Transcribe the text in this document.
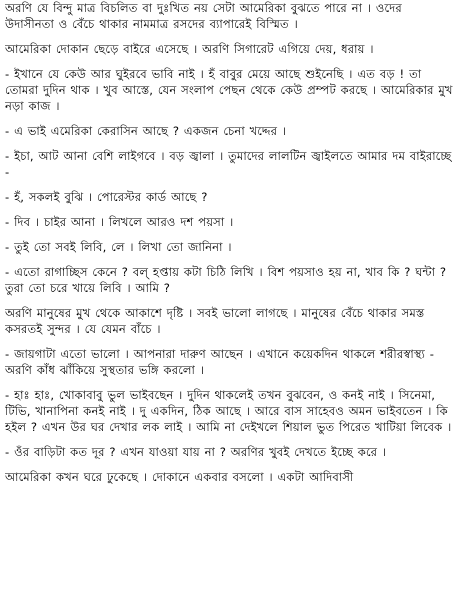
অরণি যে বিন্দু মাত্র বিচলিত বা দুঃখিত নয় সেটা আমেরিকা বুঝতে পারে না । ওদের উদাসীনতা ও বেঁচে থাকার নামমাত্র রসদের ব্যাপারেই বিস্মিত ।

আমেরিকা দোকান ছেড়ে বাইরে এসেছে । অরণি সিগারেট এগিয়ে দেয়, ধরায় ।

- ইখানে যে কেউ আর ঘুইরবে ভাবি নাই । হঁ বাবুর মেয়ে আছে শুইনেছি । এত বড় ! তা তোমরা দুদিন থাক । খুব আস্তে, যেন সংলাপ পেছন থেকে কেউ প্রম্পট করছে । আমেরিকার মুখ নড়া কাজ ।

- এ ভাই এমেরিকা কেরাসিন আছে ? একজন চেনা খদ্দের ।

- ইচা, আট আনা বেশি লাইগবে । বড় জ্বালা । তুমাদের লালটিন জ্বাইলতে আমার দম বাইরাচ্ছে -

- হঁ, সকলই বুঝি । পোরেস্টর কার্ড আছে ?

- দিব । চাইর আনা । লিখলে আরও দশ পয়সা ।

- তুই তো সবই লিবি, লে । লিখা তো জানিনা ।

- এতো রাগাচ্ছিস কেনে ? বল্‌ হপ্তায় কটা চিঠি লিখি । বিশ পয়সাও হয় না, খাব কি ? ঘন্টা ? তুরা তো চরে খায়ে লিবি । আমি ?

অরণি মানুষের মুখ থেকে আকাশে দৃষ্টি । সবই ভালো লাগছে । মানুষের বেঁচে থাকার সমস্ত কসরতই সুন্দর । যে যেমন বাঁচে ।

- জায়গাটা এতো ভালো । আপনারা দারুণ আছেন । এখানে কয়েকদিন থাকলে শরীরস্বাস্থ্য - অরণি কাঁধ ঝাঁকিয়ে সুস্থতার ভঙ্গি করলো ।

- হাঃ হাঃ, খোকাবাবু ভুল ভাইবছেন । দুদিন থাকলেই তখন বুঝবেন, ও কনই নাই । সিনেমা, টিভি, খানাপিনা কনই নাই । দু একদিন, ঠিক আছে । আরে বাস সাহেবও অমন ভাইবতেন । কি হইল ? এখন উর ঘর দেখার লক লাই । আমি না দেইখলে শিয়াল ভুত পিরেত খাটিয়া লিবেক ।

- ওঁর বাড়িটা কত দূর ? এখন যাওয়া যায় না ? অরণির খুবই দেখতে ইচ্ছে করে ।

আমেরিকা কখন ঘরে ঢুকেছে । দোকানে একবার বসলো । একটা আদিবাসী
